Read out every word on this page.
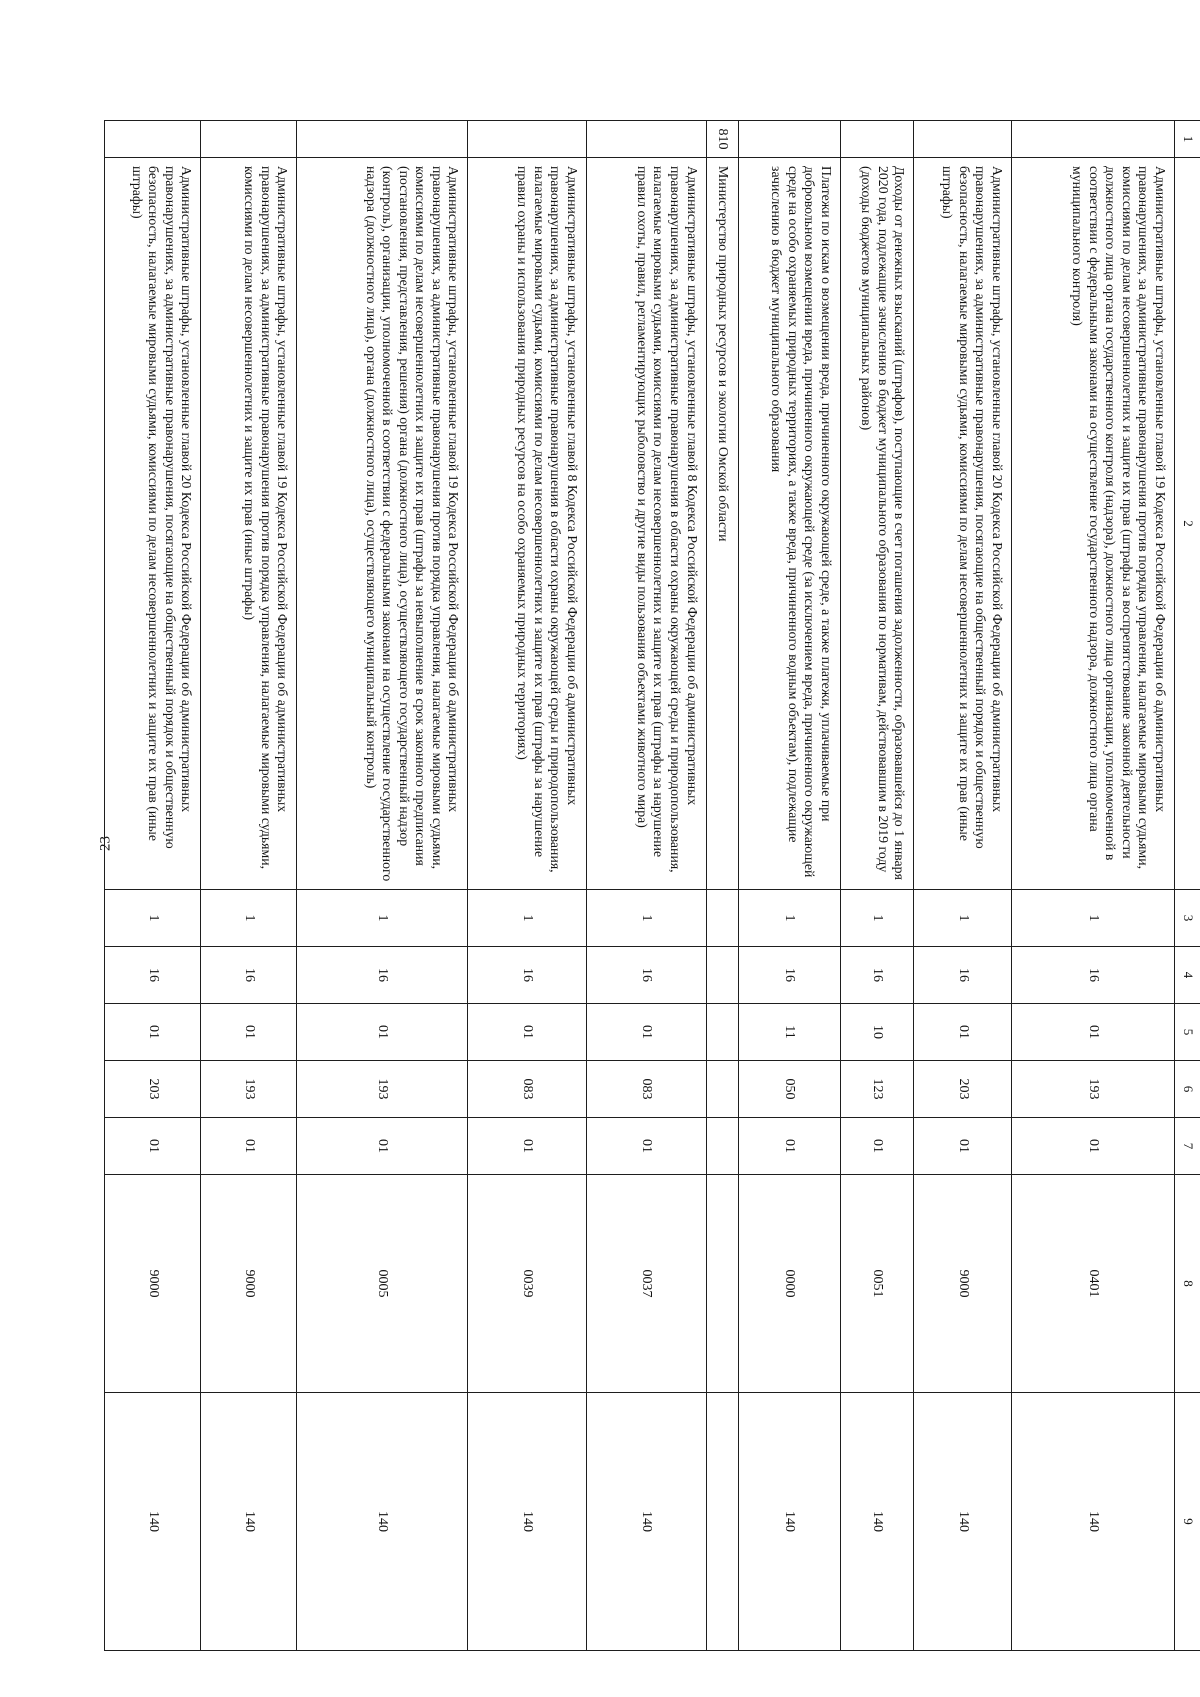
23
1	2	3	4	5	6	7	8	9
	Административные штрафы, установленные главой 19 Кодекса Российской Федерации об административных правонарушениях, за административные правонарушения против порядка управления, налагаемые мировыми судьями, комиссиями по делам несовершеннолетних и защите их прав (штрафы за воспрепятствование законной деятельности должностного лица органа государственного контроля (надзора), должностного лица организации, уполномоченной в соответствии с федеральными законами на осуществление государственного надзора, должностного лица органа муниципального контроля)	1	16	01	193	01	0401	140
	Административные штрафы, установленные главой 20 Кодекса Российской Федерации об административных правонарушениях, за административные правонарушения, посягающие на общественный порядок и общественную безопасность, налагаемые мировыми судьями, комиссиями по делам несовершеннолетних и защите их прав (иные штрафы)	1	16	01	203	01	9000	140
	Доходы от денежных взысканий (штрафов), поступающие в счет погашения задолженности, образовавшейся до 1 января 2020 года, подлежащие зачислению в бюджет муниципального образования по нормативам, действовавшим в 2019 году (доходы бюджетов муниципальных районов)	1	16	10	123	01	0051	140
	Платежи по искам о возмещении вреда, причиненного окружающей среде, а также платежи, уплачиваемые при добровольном возмещении вреда, причиненного окружающей среде (за исключением вреда, причиненного окружающей среде на особо охраняемых природных территориях, а также вреда, причиненного водным объектам), подлежащие зачислению в бюджет муниципального образования	1	16	11	050	01	0000	140
810	Министерство природных ресурсов и экологии Омской области							
	Административные штрафы, установленные главой 8 Кодекса Российской Федерации об административных правонарушениях, за административные правонарушения в области охраны окружающей среды и природопользования, налагаемые мировыми судьями, комиссиями по делам несовершеннолетних и защите их прав (штрафы за нарушение правил охоты, правил, регламентирующих рыболовство и другие виды пользования объектами животного мира)	1	16	01	083	01	0037	140
	Административные штрафы, установленные главой 8 Кодекса Российской Федерации об административных правонарушениях, за административные правонарушения в области охраны окружающей среды и природопользования, налагаемые мировыми судьями, комиссиями по делам несовершеннолетних и защите их прав (штрафы за нарушение правил охраны и использования природных ресурсов на особо охраняемых природных территориях)	1	16	01	083	01	0039	140
	Административные штрафы, установленные главой 19 Кодекса Российской Федерации об административных правонарушениях, за административные правонарушения против порядка управления, налагаемые мировыми судьями, комиссиями по делам несовершеннолетних и защите их прав (штрафы за невыполнение в срок законного предписания (постановления, представления, решения) органа (должностного лица), осуществляющего государственный надзор (контроль), организации, уполномоченной в соответствии с федеральными законами на осуществление государственного надзора (должностного лица), органа (должностного лица), осуществляющего муниципальный контроль)	1	16	01	193	01	0005	140
	Административные штрафы, установленные главой 19 Кодекса Российской Федерации об административных правонарушениях, за административные правонарушения против порядка управления, налагаемые мировыми судьями, комиссиями по делам несовершеннолетних и защите их прав (иные штрафы)	1	16	01	193	01	9000	140
	Административные штрафы, установленные главой 20 Кодекса Российской Федерации об административных правонарушениях, за административные правонарушения, посягающие на общественный порядок и общественную безопасность, налагаемые мировыми судьями, комиссиями по делам несовершеннолетних и защите их прав (иные штрафы)	1	16	01	203	01	9000	140
